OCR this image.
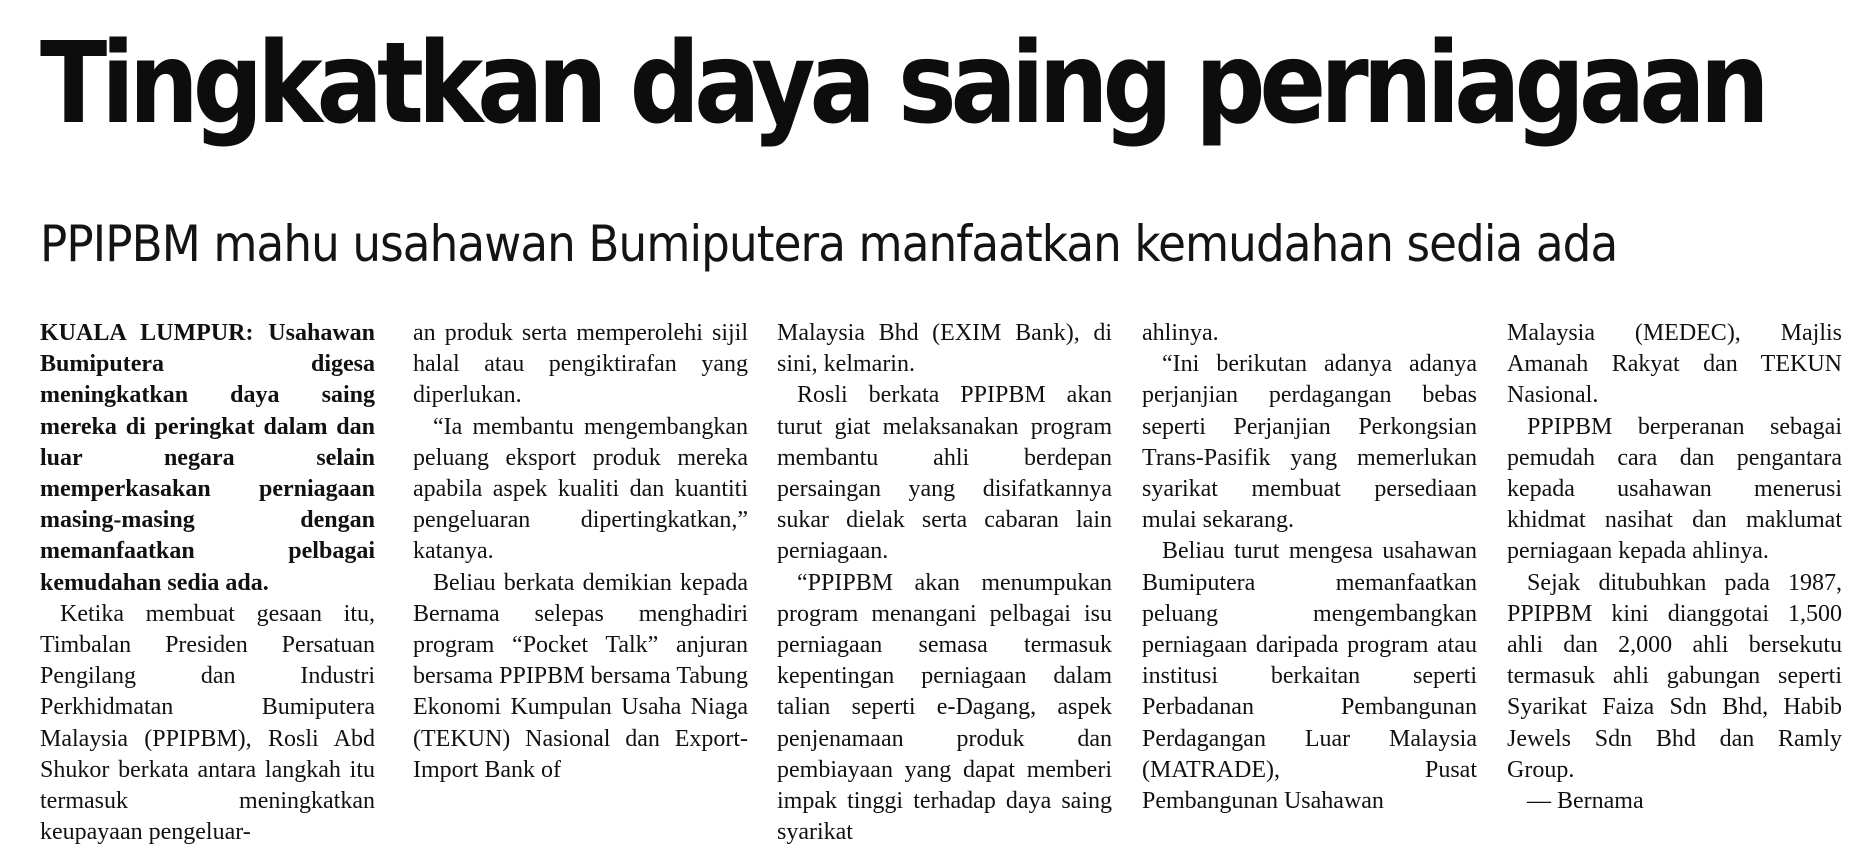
Tingkatkan daya saing perniagaan
PPIPBM mahu usahawan Bumiputera manfaatkan kemudahan sedia ada

KUALA LUMPUR: Usahawan Bumiputera digesa meningkatkan daya saing mereka di peringkat dalam dan luar negara selain memperkasakan perniagaan masing-masing dengan memanfaatkan pelbagai kemudahan sedia ada.

Ketika membuat gesaan itu, Timbalan Presiden Persatuan Pengilang dan Industri Perkhidmatan Bumiputera Malaysia (PPIPBM), Rosli Abd Shukor berkata antara langkah itu termasuk meningkatkan keupayaan pengeluar-

an produk serta memperolehi sijil halal atau pengiktirafan yang diperlukan.

“Ia membantu mengembangkan peluang eksport produk mereka apabila aspek kualiti dan kuantiti pengeluaran dipertingkatkan,” katanya.

Beliau berkata demikian kepada Bernama selepas menghadiri program “Pocket Talk” anjuran bersama PPIPBM bersama Tabung Ekonomi Kumpulan Usaha Niaga (TEKUN) Nasional dan Export-Import Bank of

Malaysia Bhd (EXIM Bank), di sini, kelmarin.

Rosli berkata PPIPBM akan turut giat melaksanakan program membantu ahli berdepan persaingan yang disifatkannya sukar dielak serta cabaran lain perniagaan.

“PPIPBM akan menumpukan program menangani pelbagai isu perniagaan semasa termasuk kepentingan perniagaan dalam talian seperti e-Dagang, aspek penjenamaan produk dan pembiayaan yang dapat memberi impak tinggi terhadap daya saing syarikat

ahlinya.

“Ini berikutan adanya adanya perjanjian perdagangan bebas seperti Perjanjian Perkongsian Trans-Pasifik yang memerlukan syarikat membuat persediaan mulai sekarang.

Beliau turut mengesa usahawan Bumiputera memanfaatkan peluang mengembangkan perniagaan daripada program atau institusi berkaitan seperti Perbadanan Pembangunan Perdagangan Luar Malaysia (MATRADE), Pusat Pembangunan Usahawan

Malaysia (MEDEC), Majlis Amanah Rakyat dan TEKUN Nasional.

PPIPBM berperanan sebagai pemudah cara dan pengantara kepada usahawan menerusi khidmat nasihat dan maklumat perniagaan kepada ahlinya.

Sejak ditubuhkan pada 1987, PPIPBM kini dianggotai 1,500 ahli dan 2,000 ahli bersekutu termasuk ahli gabungan seperti Syarikat Faiza Sdn Bhd, Habib Jewels Sdn Bhd dan Ramly Group.

— Bernama
